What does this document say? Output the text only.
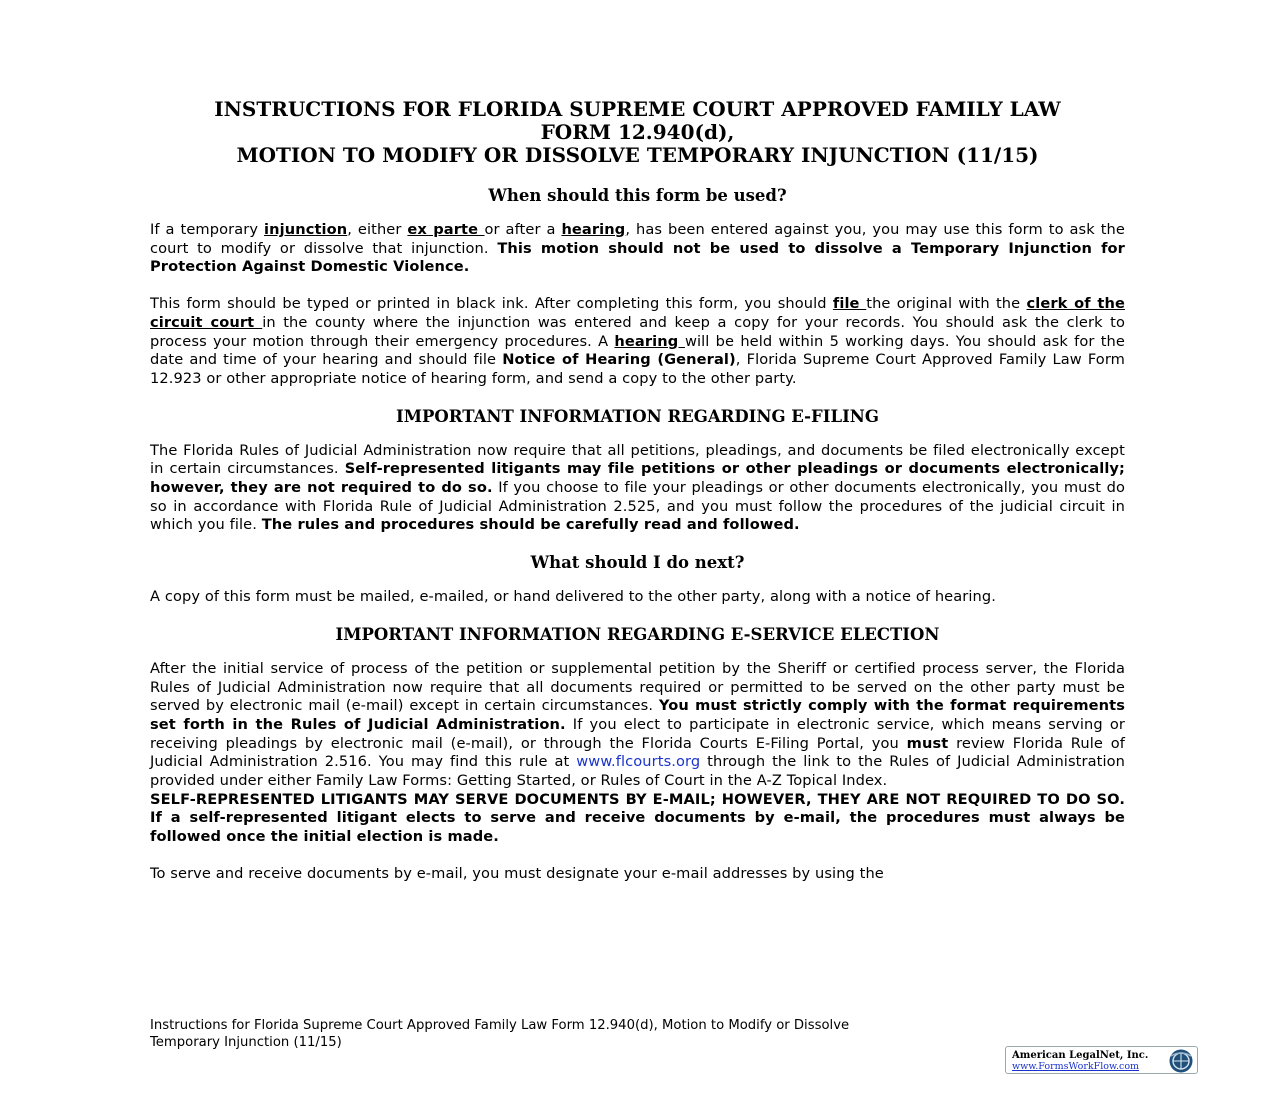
INSTRUCTIONS FOR FLORIDA SUPREME COURT APPROVED FAMILY LAW
FORM 12.940(d),
MOTION TO MODIFY OR DISSOLVE TEMPORARY INJUNCTION (11/15)
When should this form be used?

If a temporary injunction, either ex parte or after a hearing, has been entered against you, you may use this form to ask the court to modify or dissolve that injunction. This motion should not be used to dissolve a Temporary Injunction for Protection Against Domestic Violence.

This form should be typed or printed in black ink. After completing this form, you should file the original with the clerk of the circuit court in the county where the injunction was entered and keep a copy for your records. You should ask the clerk to process your motion through their emergency procedures. A hearing will be held within 5 working days. You should ask for the date and time of your hearing and should file Notice of Hearing (General), Florida Supreme Court Approved Family Law Form 12.923 or other appropriate notice of hearing form, and send a copy to the other party.

IMPORTANT INFORMATION REGARDING E-FILING

The Florida Rules of Judicial Administration now require that all petitions, pleadings, and documents be filed electronically except in certain circumstances. Self-represented litigants may file petitions or other pleadings or documents electronically; however, they are not required to do so. If you choose to file your pleadings or other documents electronically, you must do so in accordance with Florida Rule of Judicial Administration 2.525, and you must follow the procedures of the judicial circuit in which you file. The rules and procedures should be carefully read and followed.

What should I do next?

A copy of this form must be mailed, e-mailed, or hand delivered to the other party, along with a notice of hearing.

IMPORTANT INFORMATION REGARDING E-SERVICE ELECTION

After the initial service of process of the petition or supplemental petition by the Sheriff or certified process server, the Florida Rules of Judicial Administration now require that all documents required or permitted to be served on the other party must be served by electronic mail (e-mail) except in certain circumstances. You must strictly comply with the format requirements set forth in the Rules of Judicial Administration. If you elect to participate in electronic service, which means serving or receiving pleadings by electronic mail (e-mail), or through the Florida Courts E-Filing Portal, you must review Florida Rule of Judicial Administration 2.516. You may find this rule at www.flcourts.org through the link to the Rules of Judicial Administration provided under either Family Law Forms: Getting Started, or Rules of Court in the A-Z Topical Index.

SELF-REPRESENTED LITIGANTS MAY SERVE DOCUMENTS BY E-MAIL; HOWEVER, THEY ARE NOT REQUIRED TO DO SO. If a self-represented litigant elects to serve and receive documents by e-mail, the procedures must always be followed once the initial election is made.

To serve and receive documents by e-mail, you must designate your e-mail addresses by using the

Instructions for Florida Supreme Court Approved Family Law Form 12.940(d), Motion to Modify or Dissolve
Temporary Injunction (11/15)
American LegalNet, Inc.
www.FormsWorkFlow.com
